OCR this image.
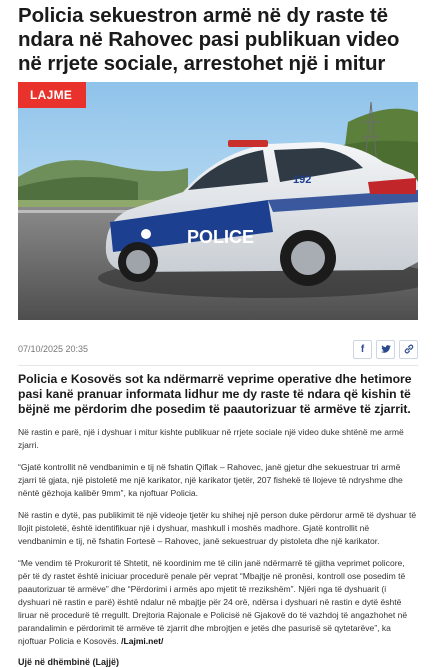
Policia sekuestron armë në dy raste të ndara në Rahovec pasi publikuan video në rrjete sociale, arrestohet një i mitur
POLICE
192
LAJME
07/10/2025 20:35	f

Policia e Kosovës sot ka ndërmarrë veprime operative dhe hetimore pasi kanë pranuar informata lidhur me dy raste të ndara që kishin të bëjnë me përdorim dhe posedim të paautorizuar të armëve të zjarrit.

Në rastin e parë, një i dyshuar i mitur kishte publikuar në rrjete sociale një video duke shtënë me armë zjarri.

“Gjatë kontrollit në vendbanimin e tij në fshatin Qiflak – Rahovec, janë gjetur dhe sekuestruar tri armë zjarri të gjata, një pistoletë me një karikator, një karikator tjetër, 207 fishekë të llojeve të ndryshme dhe nëntë gëzhoja kalibër 9mm”, ka njoftuar Policia.

Në rastin e dytë, pas publikimit të një videoje tjetër ku shihej një person duke përdorur armë të dyshuar të llojit pistoletë, është identifikuar një i dyshuar, mashkull i moshës madhore. Gjatë kontrollit në vendbanimin e tij, në fshatin Fortesë – Rahovec, janë sekuestruar dy pistoleta dhe një karikator.

“Me vendim të Prokurorit të Shtetit, në koordinim me të cilin janë ndërmarrë të gjitha veprimet policore, për të dy rastet është iniciuar procedurë penale për veprat “Mbajtje në pronësi, kontroll ose posedim të paautorizuar të armëve” dhe “Përdorimi i armës apo mjetit të rrezikshëm”. Njëri nga të dyshuarit (i dyshuari në rastin e parë) është ndalur në mbajtje për 24 orë, ndërsa i dyshuari në rastin e dytë është liruar në procedurë të rregullt. Drejtoria Rajonale e Policisë në Gjakovë do të vazhdoj të angazhohet në parandalimin e përdorimit të armëve të zjarrit dhe mbrojtjen e jetës dhe pasurisë së qytetarëve”, ka njoftuar Policia e Kosovës. /Lajmi.net/

Ujë në dhëmbinë (Lajjë)
